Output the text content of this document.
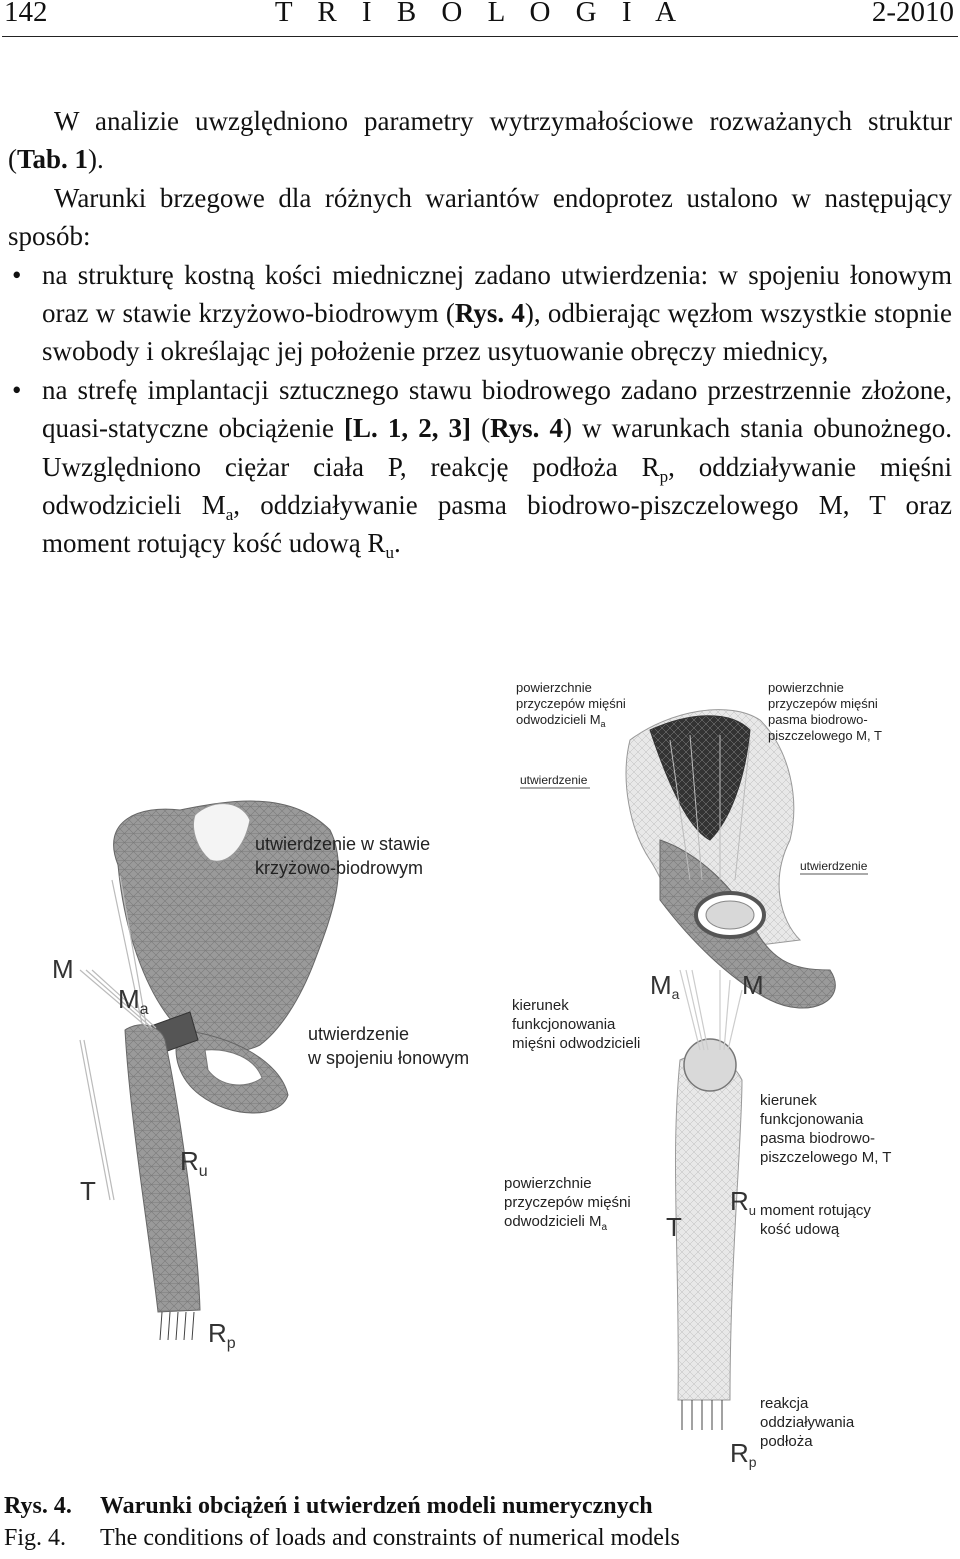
142	T R I B O L O G I A	2-2010

W analizie uwzględniono parametry wytrzymałościowe rozważanych struktur (Tab. 1).

Warunki brzegowe dla różnych wariantów endoprotez ustalono w następujący sposób:

• na strukturę kostną kości miednicznej zadano utwierdzenia: w spojeniu łonowym oraz w stawie krzyżowo-biodrowym (Rys. 4), odbierając węzłom wszystkie stopnie swobody i określając jej położenie przez usytuowanie obręczy miednicy,
• na strefę implantacji sztucznego stawu biodrowego zadano przestrzennie złożone, quasi-statyczne obciążenie [L. 1, 2, 3] (Rys. 4) w warunkach stania obunożnego. Uwzględniono ciężar ciała P, reakcję podłoża $R_p$, oddziaływanie mięśni odwodzicieli $M_a$, oddziaływanie pasma biodrowo-piszczelowego M, T oraz moment rotujący kość udową $R_u$.
M
$M_a$
$R_u$
T
$R_p$
utwierdzenie w stawie krzyżowo-biodrowym
utwierdzenie w spojeniu łonowym
powierzchnie przyczepów mięśni odwodzicieli $M_a$
powierzchnie przyczepów mięśni pasma biodrowo- piszczelowego M, T
utwierdzenie
utwierdzenie
Ma M
Ru
T
Rp
kierunek funkcjonowania mięśni odwodzicieli
kierunek funkcjonowania pasma biodrowo- piszczelowego M, T
powierzchnie przyczepów mięśni odwodzicieli $M_a$
moment rotujący kość udową
reakcja oddziaływania podłoża
Rys. 4. Warunki obciążeń i utwierdzeń modeli numerycznych
Fig. 4. The conditions of loads and constraints of numerical models
